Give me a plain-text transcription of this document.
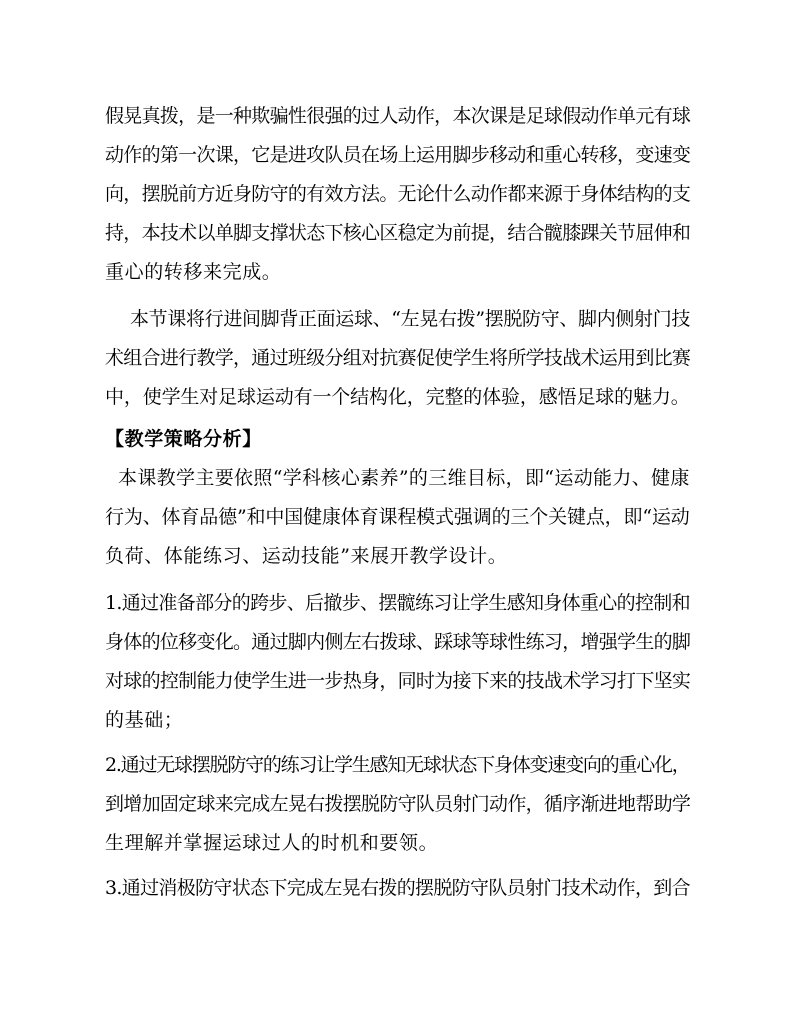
假晃真拨，是一种欺骗性很强的过人动作，本次课是足球假动作单元有球
动作的第一次课，它是进攻队员在场上运用脚步移动和重心转移，变速变
向，摆脱前方近身防守的有效方法。无论什么动作都来源于身体结构的支
持，本技术以单脚支撑状态下核心区稳定为前提，结合髋膝踝关节屈伸和
重心的转移来完成。
本节课将行进间脚背正面运球、“左晃右拨”摆脱防守、脚内侧射门技
术组合进行教学，通过班级分组对抗赛促使学生将所学技战术运用到比赛
中，使学生对足球运动有一个结构化，完整的体验，感悟足球的魅力。
【教学策略分析】
本课教学主要依照“学科核心素养”的三维目标，即“运动能力、健康
行为、体育品德”和中国健康体育课程模式强调的三个关键点，即“运动
负荷、体能练习、运动技能”来展开教学设计。
1.通过准备部分的跨步、后撤步、摆髋练习让学生感知身体重心的控制和
身体的位移变化。通过脚内侧左右拨球、踩球等球性练习，增强学生的脚
对球的控制能力使学生进一步热身，同时为接下来的技战术学习打下坚实
的基础；
2.通过无球摆脱防守的练习让学生感知无球状态下身体变速变向的重心化，
到增加固定球来完成左晃右拨摆脱防守队员射门动作，循序渐进地帮助学
生理解并掌握运球过人的时机和要领。
3.通过消极防守状态下完成左晃右拨的摆脱防守队员射门技术动作，到合
